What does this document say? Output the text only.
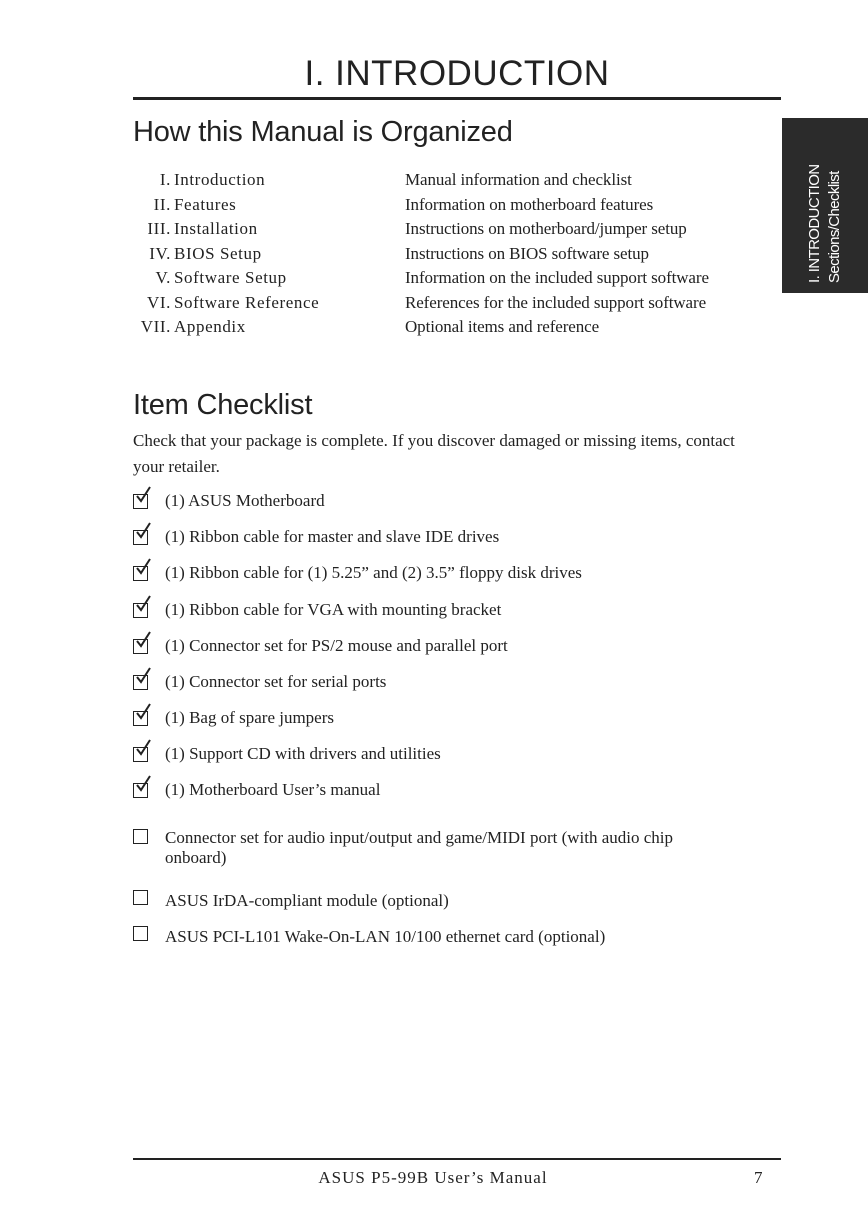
I. INTRODUCTION
I. INTRODUCTION Sections/Checklist
How this Manual is Organized
I. Introduction	Manual information and checklist
II. Features	Information on motherboard features
III. Installation	Instructions on motherboard/jumper setup
IV. BIOS Setup	Instructions on BIOS software setup
V. Software Setup	Information on the included support software
VI. Software Reference	References for the included support software
VII. Appendix	Optional items and reference
Item Checklist
Check that your package is complete. If you discover damaged or missing items, contact your retailer.
(1) ASUS Motherboard
(1) Ribbon cable for master and slave IDE drives
(1) Ribbon cable for (1) 5.25” and (2) 3.5” floppy disk drives
(1) Ribbon cable for VGA with mounting bracket
(1) Connector set for PS/2 mouse and parallel port
(1) Connector set for serial ports
(1) Bag of spare jumpers
(1) Support CD with drivers and utilities
(1) Motherboard User’s manual
Connector set for audio input/output and game/MIDI port (with audio chip onboard)
ASUS IrDA-compliant module (optional)
ASUS PCI-L101 Wake-On-LAN 10/100 ethernet card (optional)
ASUS P5-99B User’s Manual	7
